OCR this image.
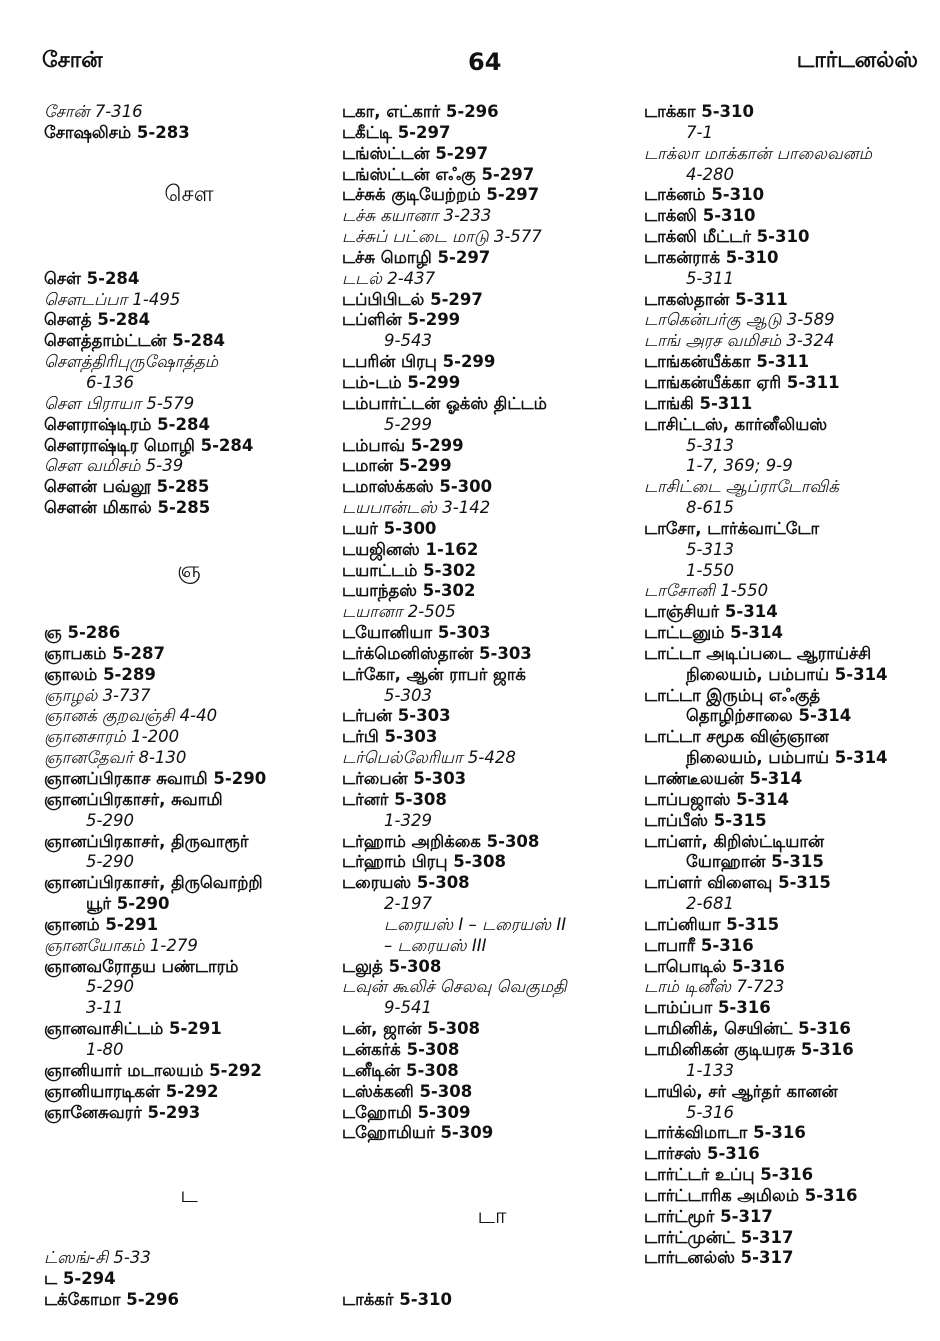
சோன்	64	டார்டனல்ஸ்
சோன் 7-316
சோஷலிசம் 5-283
சௌ
செள் 5-284
சௌடப்பா 1-495
சௌத் 5-284
சௌத்தாம்ட்டன் 5-284
சௌத்திரிபுருஷோத்தம்
6-136
சௌ பிராயா 5-579
சௌராஷ்டிரம் 5-284
சௌராஷ்டிர மொழி 5-284
சௌ வமிசம் 5-39
சௌன் பவ்லூ 5-285
சௌன் மிகால் 5-285
ஞ
ஞ 5-286
ஞாபகம் 5-287
ஞாலம் 5-289
ஞாழல் 3-737
ஞானக் குறவஞ்சி 4-40
ஞானசாரம் 1-200
ஞானதேவர் 8-130
ஞானப்பிரகாச சுவாமி 5-290
ஞானப்பிரகாசர், சுவாமி
5-290
ஞானப்பிரகாசர், திருவாரூர்
5-290
ஞானப்பிரகாசர், திருவொற்றி
யூர் 5-290
ஞானம் 5-291
ஞானயோகம் 1-279
ஞானவரோதய பண்டாரம்
5-290
3-11
ஞானவாசிட்டம் 5-291
1-80
ஞானியார் மடாலயம் 5-292
ஞானியாரடிகள் 5-292
ஞானேசுவரர் 5-293
ட
ட்ஸங்-சி 5-33
ட 5-294
டக்கோமா 5-296
டகா, எட்கார் 5-296
டகீட்டி 5-297
டங்ஸ்ட்டன் 5-297
டங்ஸ்ட்டன் எஃகு 5-297
டச்சுக் குடியேற்றம் 5-297
டச்சு கயானா 3-233
டச்சுப் பட்டை மாடு 3-577
டச்சு மொழி 5-297
டடல் 2-437
டப்பிபிடல் 5-297
டப்ளின் 5-299
9-543
டபரின் பிரபு 5-299
டம்-டம் 5-299
டம்பார்ட்டன் ஓக்ஸ் திட்டம்
5-299
டம்பாவ் 5-299
டமான் 5-299
டமாஸ்க்கஸ் 5-300
டயபான்டஸ் 3-142
டயர் 5-300
டயஜினஸ் 1-162
டயாட்டம் 5-302
டயாந்தஸ் 5-302
டயானா 2-505
டயோனியா 5-303
டர்க்மெனிஸ்தான் 5-303
டர்கோ, ஆன் ராபர் ஜாக்
5-303
டர்பன் 5-303
டர்பி 5-303
டர்பெல்லேரியா 5-428
டர்பைன் 5-303
டர்னர் 5-308
1-329
டர்ஹாம் அறிக்கை 5-308
டர்ஹாம் பிரபு 5-308
டரையஸ் 5-308
2-197
டரையஸ் I – டரையஸ் II
– டரையஸ் III
டலுத் 5-308
டவுன் கூலிச் செலவு வெகுமதி
9-541
டன், ஜான் 5-308
டன்கர்க் 5-308
டனீடின் 5-308
டஸ்க்கனி 5-308
டஹோமி 5-309
டஹோமியர் 5-309
டா
டாக்கர் 5-310
டாக்கா 5-310
7-1
டாக்லா மாக்கான் பாலைவனம்
4-280
டாக்னம் 5-310
டாக்ஸி 5-310
டாக்ஸி மீட்டர் 5-310
டாகன்ராக் 5-310
5-311
டாகஸ்தான் 5-311
டாகென்பர்கு ஆடு 3-589
டாங் அரச வமிசம் 3-324
டாங்கன்யீக்கா 5-311
டாங்கன்யீக்கா ஏரி 5-311
டாங்கி 5-311
டாசிட்டஸ், கார்னீலியஸ்
5-313
1-7, 369; 9-9
டாசிட்டை ஆப்ராடோவிக்
8-615
டாசோ, டார்க்வாட்டோ
5-313
1-550
டாசோனி 1-550
டாஞ்சியர் 5-314
டாட்டனும் 5-314
டாட்டா அடிப்படை ஆராய்ச்சி
நிலையம், பம்பாய் 5-314
டாட்டா இரும்பு எஃகுத்
தொழிற்சாலை 5-314
டாட்டா சமூக விஞ்ஞான
நிலையம், பம்பாய் 5-314
டாண்டீலயன் 5-314
டாப்பஜாஸ் 5-314
டாப்பீஸ் 5-315
டாப்ளர், கிறிஸ்ட்டியான்
யோஹான் 5-315
டாப்ளர் விளைவு 5-315
2-681
டாப்னியா 5-315
டாபாரீ 5-316
டாபொடில் 5-316
டாம் டினீஸ் 7-723
டாம்ப்பா 5-316
டாமினிக், செயின்ட் 5-316
டாமினிகன் குடியரசு 5-316
1-133
டாயில், சர் ஆர்தர் கானன்
5-316
டார்க்விமாடா 5-316
டார்சஸ் 5-316
டார்ட்டர் உப்பு 5-316
டார்ட்டாரிக அமிலம் 5-316
டார்ட்மூர் 5-317
டார்ட்முன்ட் 5-317
டார்டனல்ஸ் 5-317
